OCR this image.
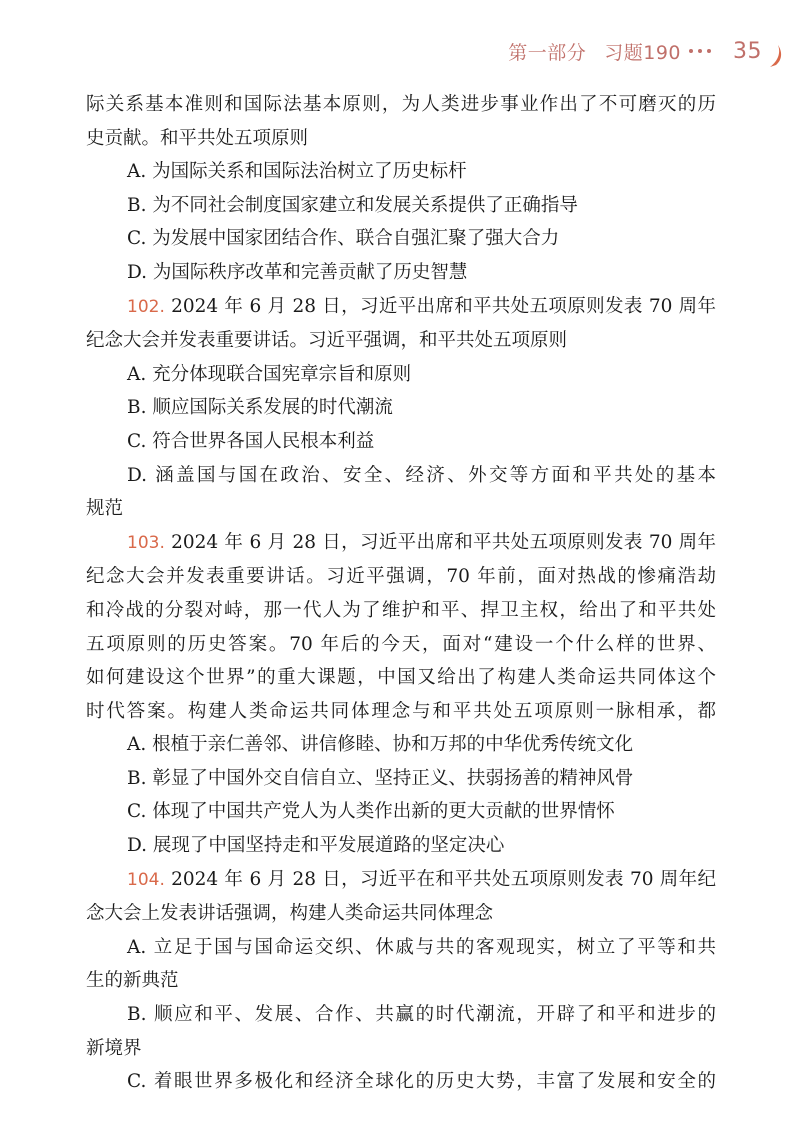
第一部分 习题190 35

际关系基本准则和国际法基本原则，为人类进步事业作出了不可磨灭的历

史贡献。和平共处五项原则

A. 为国际关系和国际法治树立了历史标杆

B. 为不同社会制度国家建立和发展关系提供了正确指导

C. 为发展中国家团结合作、联合自强汇聚了强大合力

D. 为国际秩序改革和完善贡献了历史智慧

102. 2024 年 6 月 28 日，习近平出席和平共处五项原则发表 70 周年

纪念大会并发表重要讲话。习近平强调，和平共处五项原则

A. 充分体现联合国宪章宗旨和原则

B. 顺应国际关系发展的时代潮流

C. 符合世界各国人民根本利益

D. 涵盖国与国在政治、安全、经济、外交等方面和平共处的基本

规范

103. 2024 年 6 月 28 日，习近平出席和平共处五项原则发表 70 周年

纪念大会并发表重要讲话。习近平强调，70 年前，面对热战的惨痛浩劫

和冷战的分裂对峙，那一代人为了维护和平、捍卫主权，给出了和平共处

五项原则的历史答案。70 年后的今天，面对“建设一个什么样的世界、

如何建设这个世界”的重大课题，中国又给出了构建人类命运共同体这个

时代答案。构建人类命运共同体理念与和平共处五项原则一脉相承，都

A. 根植于亲仁善邻、讲信修睦、协和万邦的中华优秀传统文化

B. 彰显了中国外交自信自立、坚持正义、扶弱扬善的精神风骨

C. 体现了中国共产党人为人类作出新的更大贡献的世界情怀

D. 展现了中国坚持走和平发展道路的坚定决心

104. 2024 年 6 月 28 日，习近平在和平共处五项原则发表 70 周年纪

念大会上发表讲话强调，构建人类命运共同体理念

A. 立足于国与国命运交织、休戚与共的客观现实，树立了平等和共

生的新典范

B. 顺应和平、发展、合作、共赢的时代潮流，开辟了和平和进步的

新境界

C. 着眼世界多极化和经济全球化的历史大势，丰富了发展和安全的
